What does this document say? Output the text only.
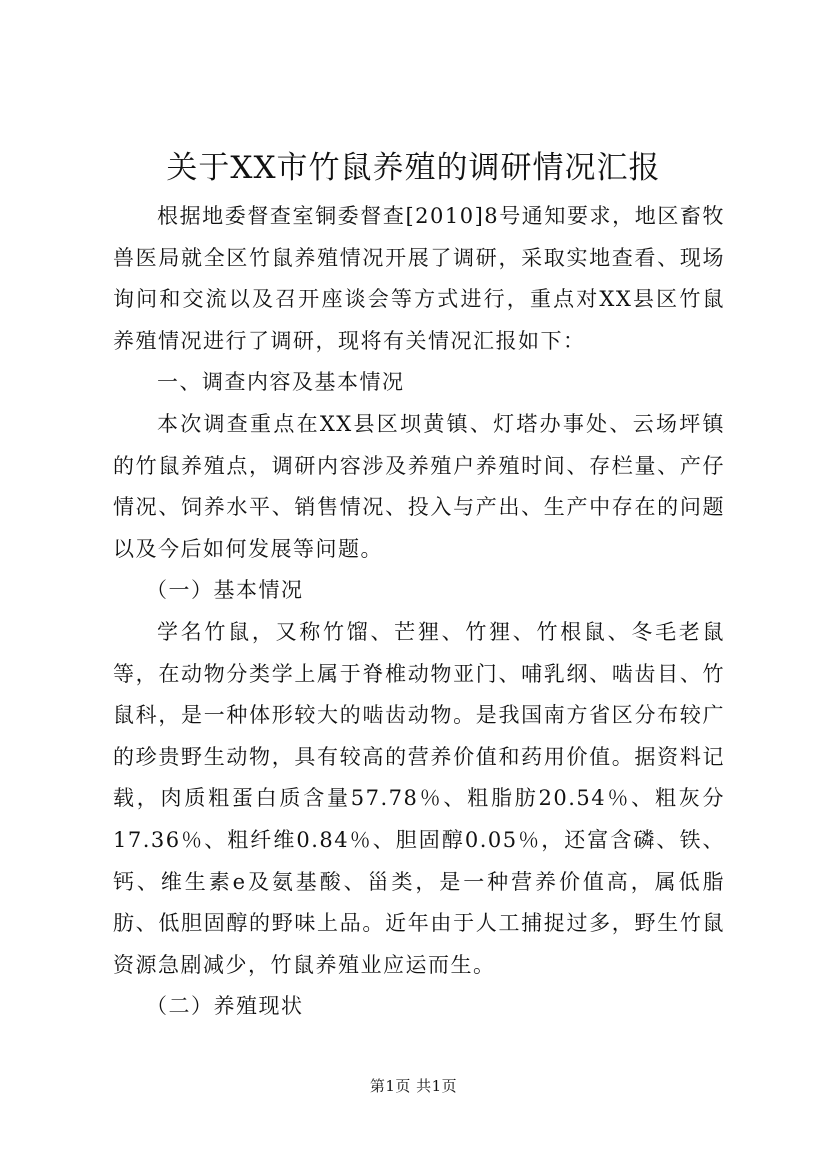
关于XX市竹鼠养殖的调研情况汇报

根据地委督查室铜委督查[2010]8号通知要求，地区畜牧兽医局就全区竹鼠养殖情况开展了调研，采取实地查看、现场询问和交流以及召开座谈会等方式进行，重点对XX县区竹鼠养殖情况进行了调研，现将有关情况汇报如下：

一、调查内容及基本情况

本次调查重点在XX县区坝黄镇、灯塔办事处、云场坪镇的竹鼠养殖点，调研内容涉及养殖户养殖时间、存栏量、产仔情况、饲养水平、销售情况、投入与产出、生产中存在的问题以及今后如何发展等问题。

（一）基本情况

学名竹鼠，又称竹馏、芒狸、竹狸、竹根鼠、冬毛老鼠等，在动物分类学上属于脊椎动物亚门、哺乳纲、啮齿目、竹鼠科，是一种体形较大的啮齿动物。是我国南方省区分布较广的珍贵野生动物，具有较高的营养价值和药用价值。据资料记载，肉质粗蛋白质含量57.78％、粗脂肪20.54％、粗灰分17.36％、粗纤维0.84％、胆固醇0.05％，还富含磷、铁、钙、维生素e及氨基酸、甾类，是一种营养价值高，属低脂肪、低胆固醇的野味上品。近年由于人工捕捉过多，野生竹鼠资源急剧减少，竹鼠养殖业应运而生。

（二）养殖现状

第1页 共1页
